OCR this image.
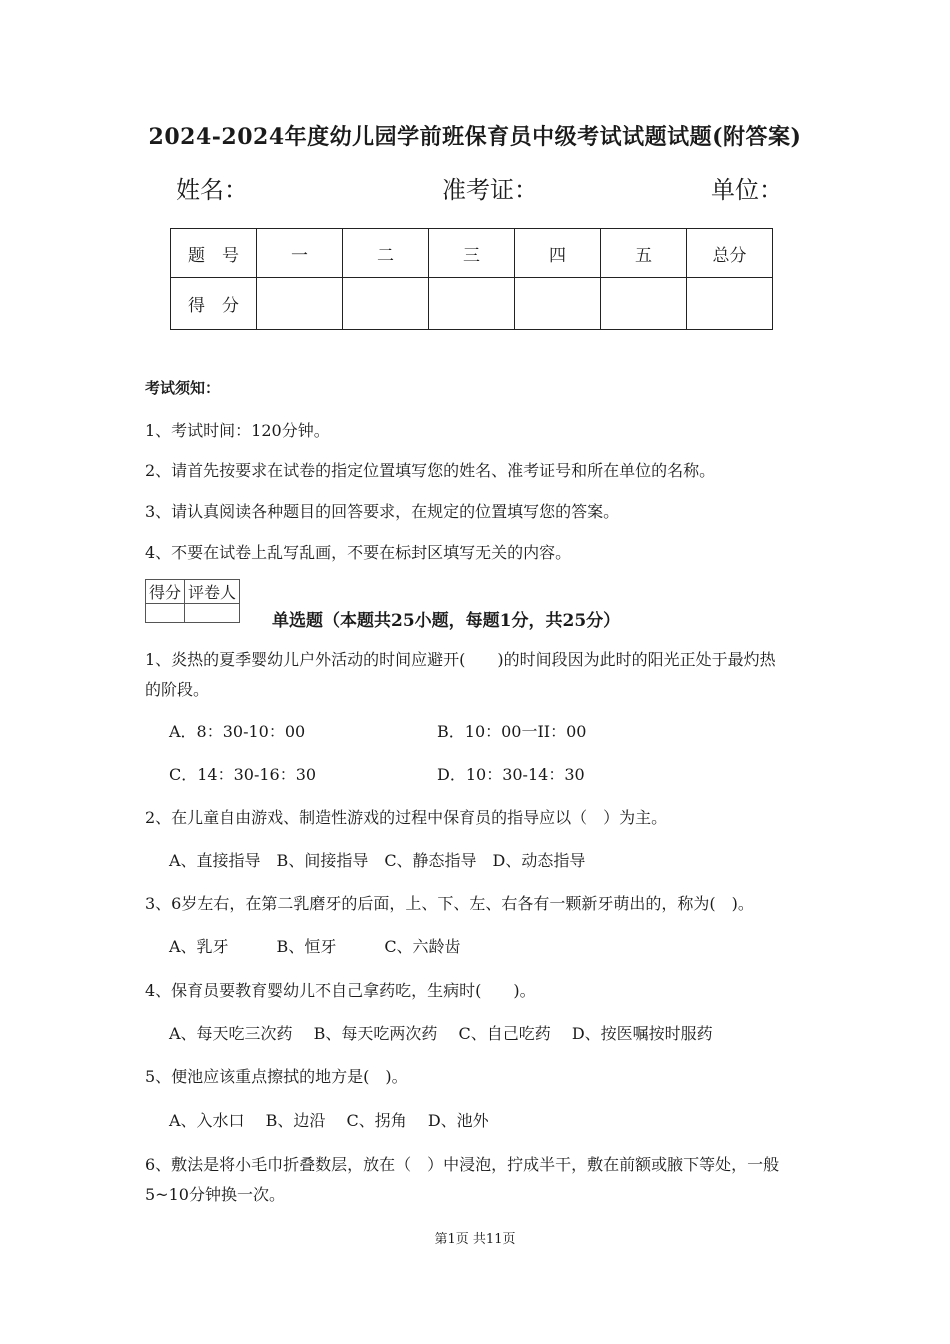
2024-2024年度幼儿园学前班保育员中级考试试题试题(附答案)
姓名：	准考证：	单位：
题　号	一	二	三	四	五	总分
得　分						
考试须知：
1、考试时间：120分钟。
2、请首先按要求在试卷的指定位置填写您的姓名、准考证号和所在单位的名称。
3、请认真阅读各种题目的回答要求，在规定的位置填写您的答案。
4、不要在试卷上乱写乱画，不要在标封区填写无关的内容。
得分	评卷人

单选题（本题共25小题，每题1分，共25分）
1、炎热的夏季婴幼儿户外活动的时间应避开(　　)的时间段因为此时的阳光正处于最灼热
的阶段。
A．8：30-10：00	B．10：00一II：00
C．14：30-16：30	D．10：30-14：30
2、在儿童自由游戏、制造性游戏的过程中保育员的指导应以（　）为主。
A、直接指导　B、间接指导　C、静态指导　D、动态指导
3、6岁左右，在第二乳磨牙的后面，上、下、左、右各有一颗新牙萌出的，称为(　)。
A、乳牙　　　B、恒牙　　　C、六龄齿
4、保育员要教育婴幼儿不自己拿药吃，生病时(　　)。
A、每天吃三次药　 B、每天吃两次药　 C、自己吃药　 D、按医嘱按时服药
5、便池应该重点擦拭的地方是(　)。
A、入水口　 B、边沿　 C、拐角　 D、池外
6、敷法是将小毛巾折叠数层，放在（　）中浸泡，拧成半干，敷在前额或腋下等处，一般
5~10分钟换一次。
第1页 共11页
